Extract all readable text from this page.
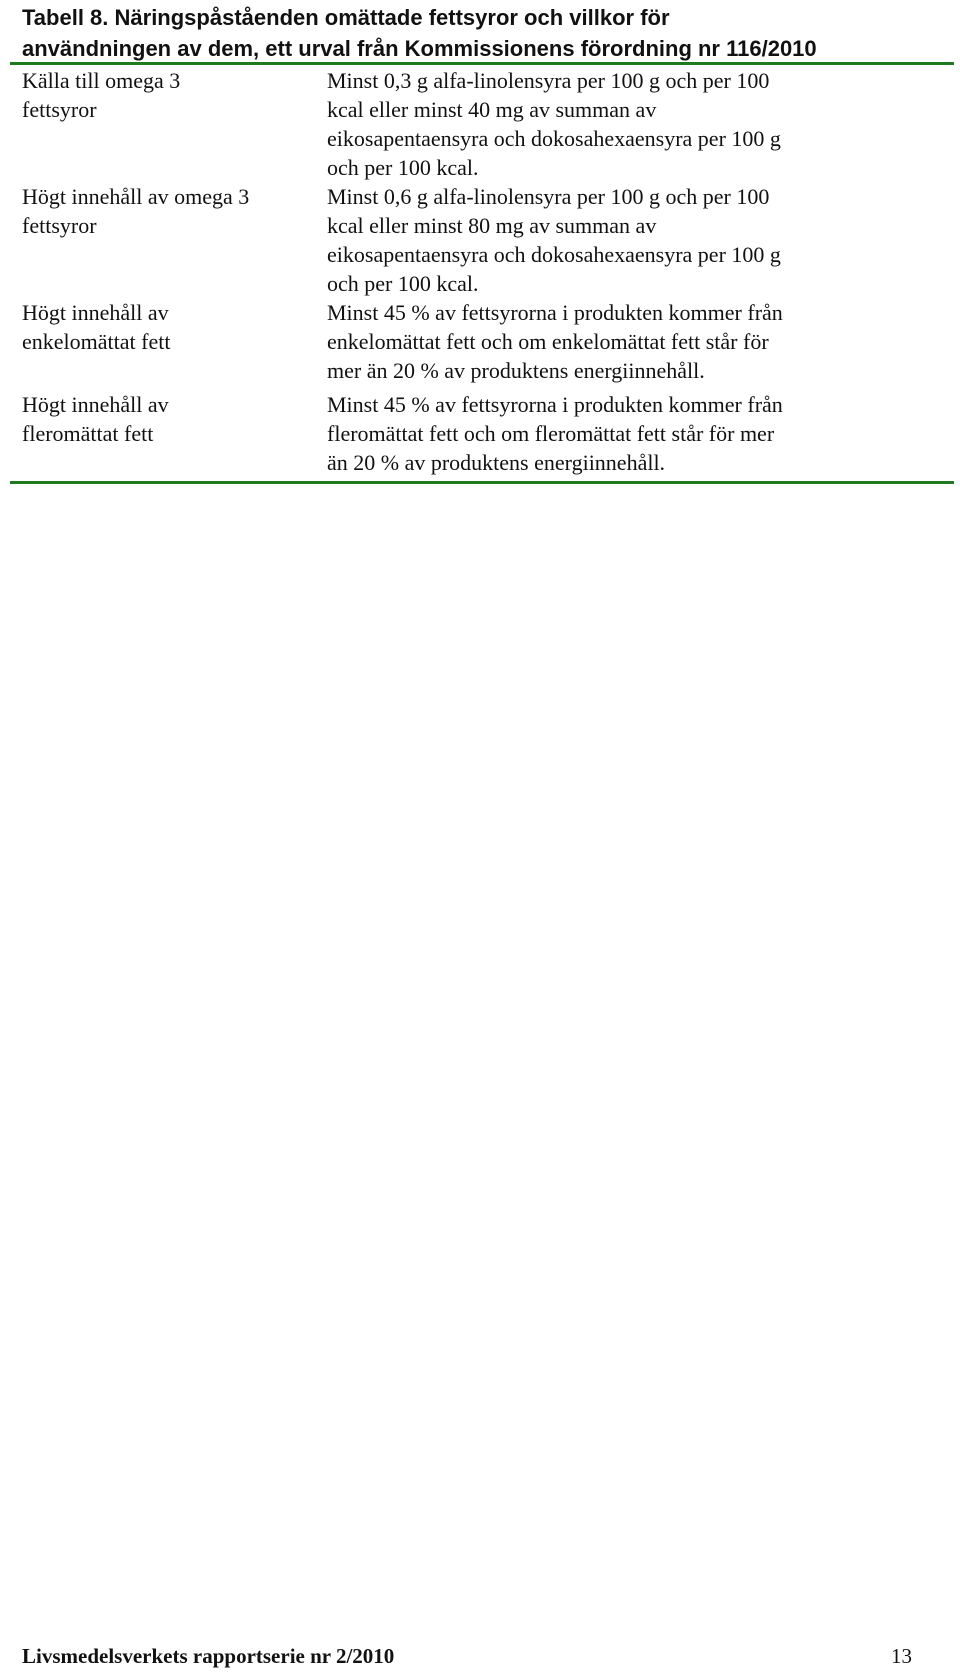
Tabell 8. Näringspåståenden omättade fettsyror och villkor för
användningen av dem, ett urval från Kommissionens förordning nr 116/2010
Källa till omega 3
fettsyror
Minst 0,3 g alfa-linolensyra per 100 g och per 100
kcal eller minst 40 mg av summan av
eikosapentaensyra och dokosahexaensyra per 100 g
och per 100 kcal.
Högt innehåll av omega 3
fettsyror
Minst 0,6 g alfa-linolensyra per 100 g och per 100
kcal eller minst 80 mg av summan av
eikosapentaensyra och dokosahexaensyra per 100 g
och per 100 kcal.
Högt innehåll av
enkelomättat fett
Minst 45 % av fettsyrorna i produkten kommer från
enkelomättat fett och om enkelomättat fett står för
mer än 20 % av produktens energiinnehåll.
Högt innehåll av
fleromättat fett
Minst 45 % av fettsyrorna i produkten kommer från
fleromättat fett och om fleromättat fett står för mer
än 20 % av produktens energiinnehåll.
Livsmedelsverkets rapportserie nr 2/2010	13
